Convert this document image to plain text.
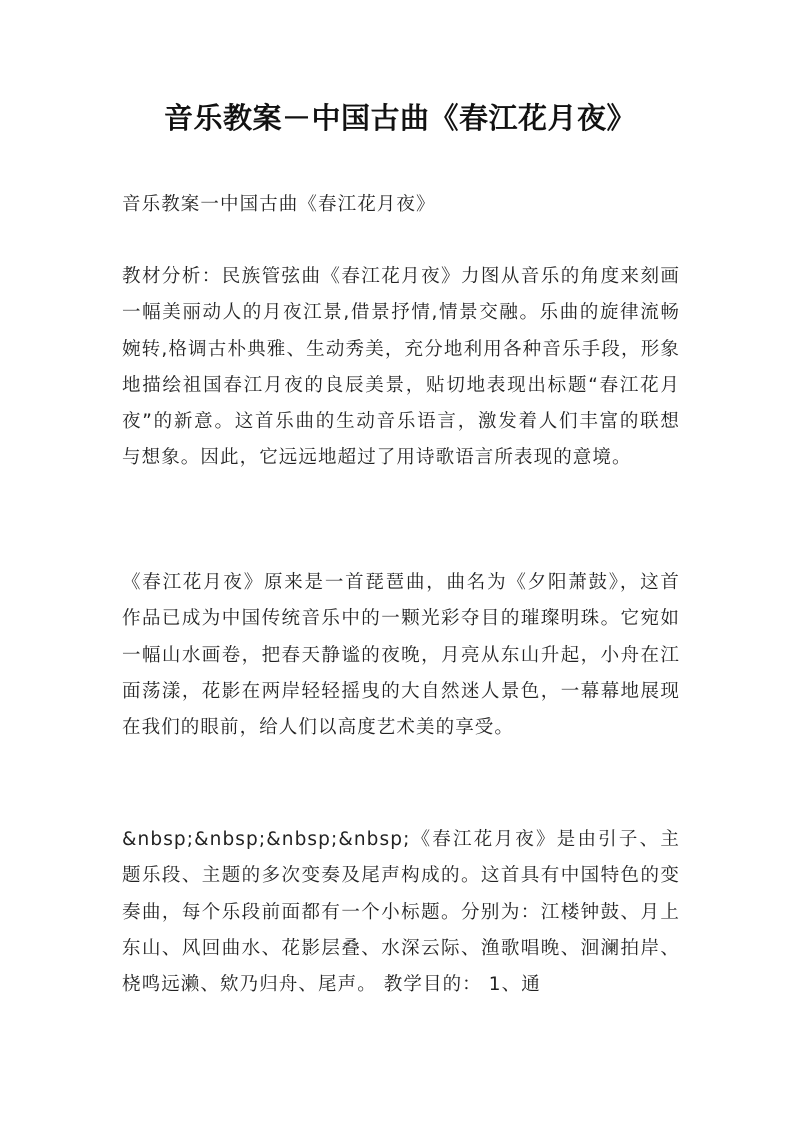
音乐教案－中国古曲《春江花月夜》

音乐教案一中国古曲《春江花月夜》

教材分析：民族管弦曲《春江花月夜》力图从音乐的角度来刻画一幅美丽动人的月夜江景,借景抒情,情景交融。乐曲的旋律流畅婉转,格调古朴典雅、生动秀美，充分地利用各种音乐手段，形象地描绘祖国春江月夜的良辰美景，贴切地表现出标题“春江花月夜”的新意。这首乐曲的生动音乐语言，激发着人们丰富的联想与想象。因此，它远远地超过了用诗歌语言所表现的意境。

《春江花月夜》原来是一首琵琶曲，曲名为《夕阳萧鼓》，这首作品已成为中国传统音乐中的一颗光彩夺目的璀璨明珠。它宛如一幅山水画卷，把春天静谧的夜晚，月亮从东山升起，小舟在江面荡漾，花影在两岸轻轻摇曳的大自然迷人景色，一幕幕地展现在我们的眼前，给人们以高度艺术美的享受。

&nbsp;&nbsp;&nbsp;&nbsp;《春江花月夜》是由引子、主题乐段、主题的多次变奏及尾声构成的。这首具有中国特色的变奏曲，每个乐段前面都有一个小标题。分别为：江楼钟鼓、月上东山、风回曲水、花影层叠、水深云际、渔歌唱晚、洄澜拍岸、桡鸣远濑、欸乃归舟、尾声。 教学目的： 1、通
